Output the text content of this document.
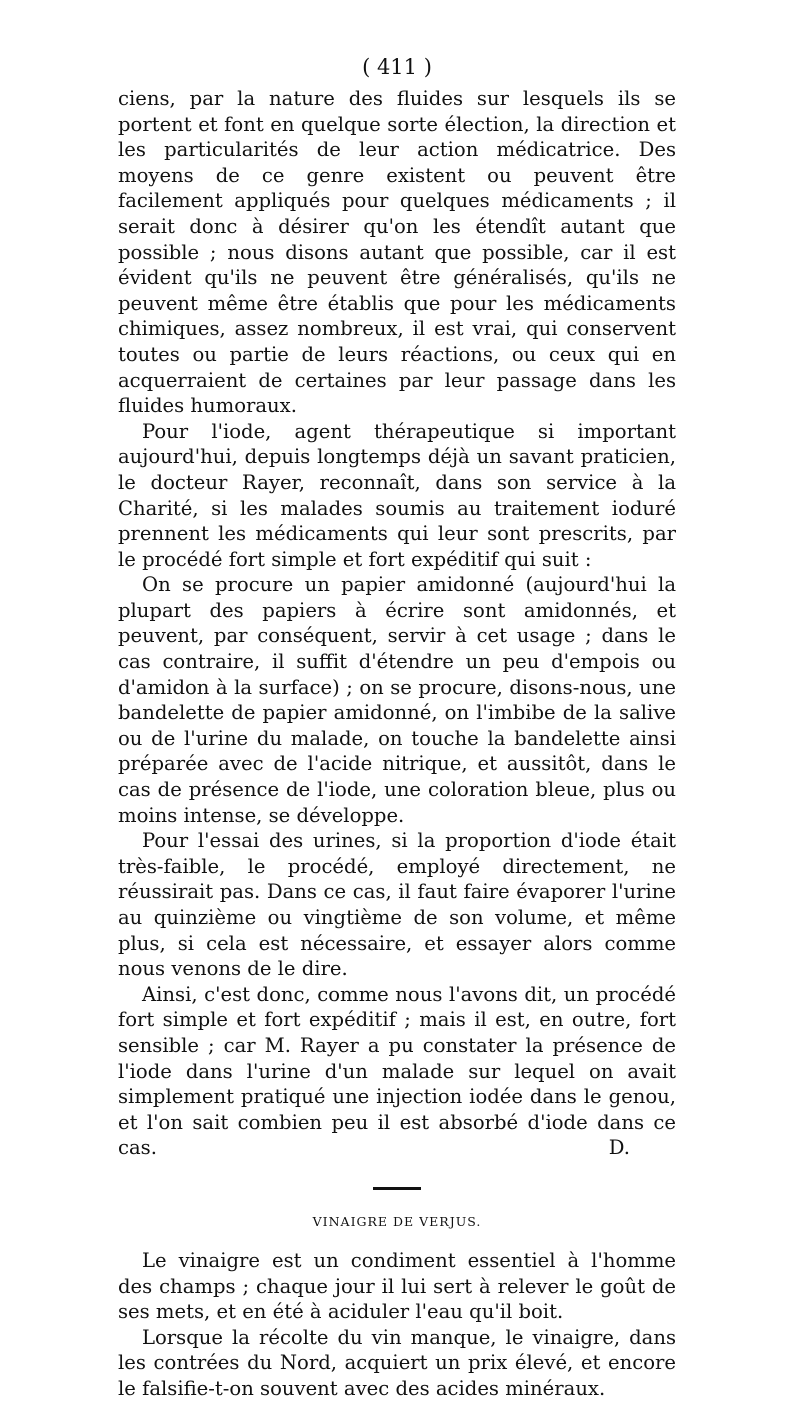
( 411 )

ciens, par la nature des fluides sur lesquels ils se portent et font en quelque sorte élection, la direction et les particularités de leur action médicatrice. Des moyens de ce genre existent ou peuvent être facilement appliqués pour quelques médicaments ; il serait donc à désirer qu'on les étendît autant que possible ; nous disons autant que possible, car il est évident qu'ils ne peuvent être généralisés, qu'ils ne peuvent même être établis que pour les médicaments chimiques, assez nombreux, il est vrai, qui conservent toutes ou partie de leurs réactions, ou ceux qui en acquerraient de certaines par leur passage dans les fluides humoraux.

Pour l'iode, agent thérapeutique si important aujourd'hui, depuis longtemps déjà un savant praticien, le docteur Rayer, reconnaît, dans son service à la Charité, si les malades soumis au traitement ioduré prennent les médicaments qui leur sont prescrits, par le procédé fort simple et fort expéditif qui suit :

On se procure un papier amidonné (aujourd'hui la plupart des papiers à écrire sont amidonnés, et peuvent, par conséquent, servir à cet usage ; dans le cas contraire, il suffit d'étendre un peu d'empois ou d'amidon à la surface) ; on se procure, disons-nous, une bandelette de papier amidonné, on l'imbibe de la salive ou de l'urine du malade, on touche la bandelette ainsi préparée avec de l'acide nitrique, et aussitôt, dans le cas de présence de l'iode, une coloration bleue, plus ou moins intense, se développe.

Pour l'essai des urines, si la proportion d'iode était très-faible, le procédé, employé directement, ne réussirait pas. Dans ce cas, il faut faire évaporer l'urine au quinzième ou vingtième de son volume, et même plus, si cela est nécessaire, et essayer alors comme nous venons de le dire.

Ainsi, c'est donc, comme nous l'avons dit, un procédé fort simple et fort expéditif ; mais il est, en outre, fort sensible ; car M. Rayer a pu constater la présence de l'iode dans l'urine d'un malade sur lequel on avait simplement pratiqué une injection iodée dans le genou, et l'on sait combien peu il est absorbé d'iode dans ce cas.	D.

VINAIGRE DE VERJUS.

Le vinaigre est un condiment essentiel à l'homme des champs ; chaque jour il lui sert à relever le goût de ses mets, et en été à aciduler l'eau qu'il boit.

Lorsque la récolte du vin manque, le vinaigre, dans les contrées du Nord, acquiert un prix élevé, et encore le falsifie-t-on souvent avec des acides minéraux.
